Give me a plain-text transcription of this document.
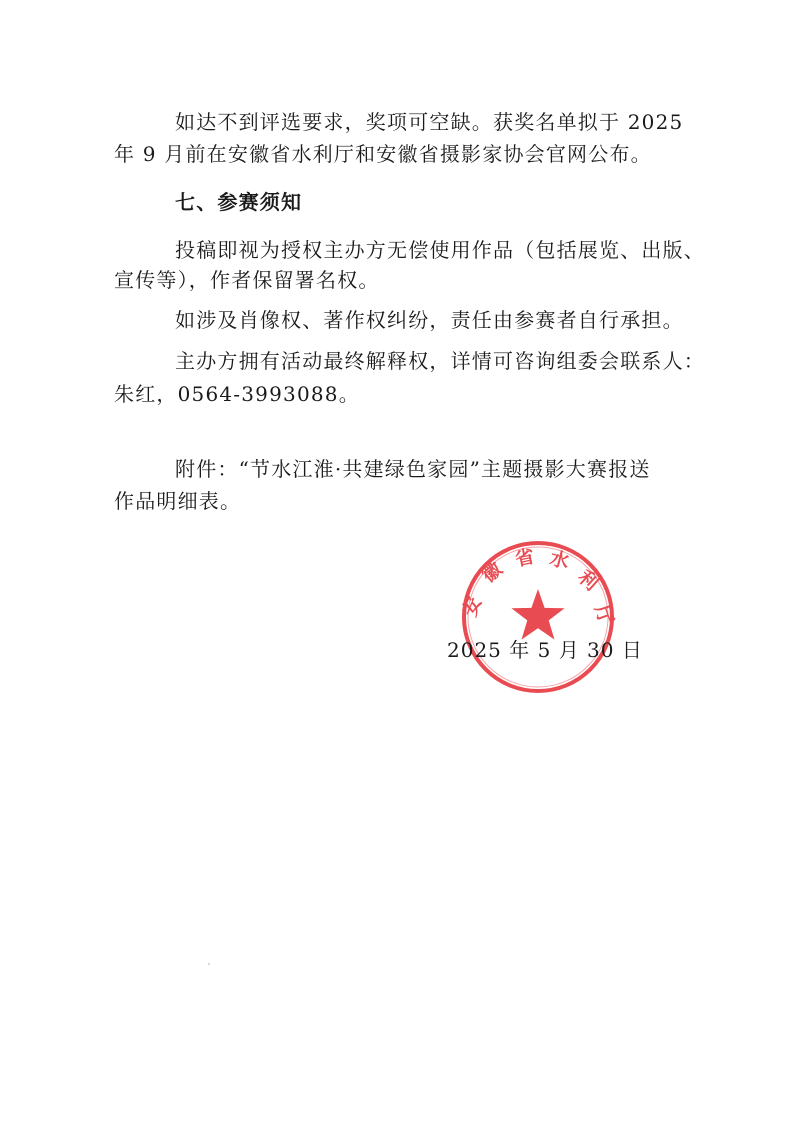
如达不到评选要求，奖项可空缺。获奖名单拟于 2025
年 9 月前在安徽省水利厅和安徽省摄影家协会官网公布。
七、参赛须知
投稿即视为授权主办方无偿使用作品（包括展览、出版、
宣传等），作者保留署名权。
如涉及肖像权、著作权纠纷，责任由参赛者自行承担。
主办方拥有活动最终解释权，详情可咨询组委会联系人：
朱红，0564-3993088。
附件：“节水江淮·共建绿色家园”主题摄影大赛报送
作品明细表。
安
徽 省 水
利
厅
2025 年 5 月 30 日
